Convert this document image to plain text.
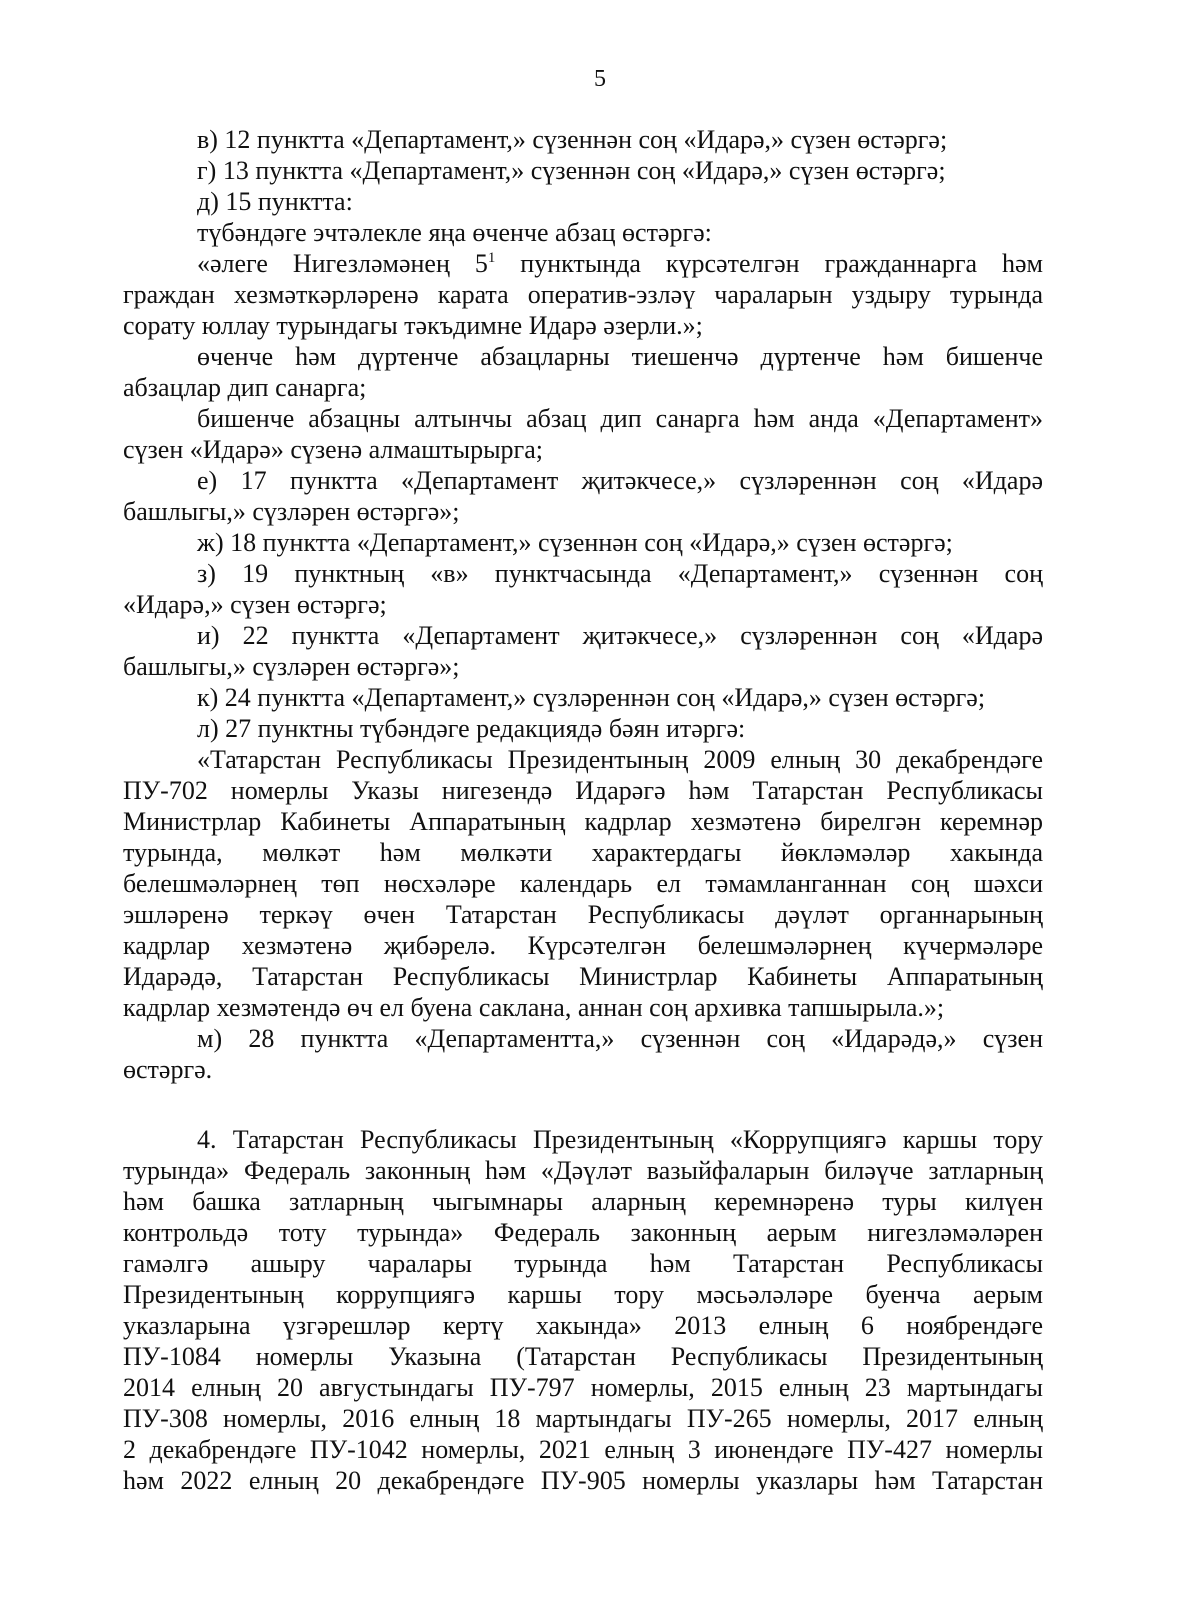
5
в) 12 пунктта «Департамент,» сүзеннән соң «Идарә,» сүзен өстәргә;
г) 13 пунктта «Департамент,» сүзеннән соң «Идарә,» сүзен өстәргә;
д) 15 пунктта:
түбәндәге эчтәлекле яңа өченче абзац өстәргә:
«әлеге Нигезләмәнең $5^1$ пунктында күрсәтелгән гражданнарга һәм
граждан хезмәткәрләренә карата оператив-эзләү чараларын уздыру турында
сорату юллау турындагы тәкъдимне Идарә әзерли.»;
өченче һәм дүртенче абзацларны тиешенчә дүртенче һәм бишенче
абзацлар дип санарга;
бишенче абзацны алтынчы абзац дип санарга һәм анда «Департамент»
сүзен «Идарә» сүзенә алмаштырырга;
е) 17 пунктта «Департамент җитәкчесе,» сүзләреннән соң «Идарә
башлыгы,» сүзләрен өстәргә»;
ж) 18 пунктта «Департамент,» сүзеннән соң «Идарә,» сүзен өстәргә;
з) 19 пунктның «в» пунктчасында «Департамент,» сүзеннән соң
«Идарә,» сүзен өстәргә;
и) 22 пунктта «Департамент җитәкчесе,» сүзләреннән соң «Идарә
башлыгы,» сүзләрен өстәргә»;
к) 24 пунктта «Департамент,» сүзләреннән соң «Идарә,» сүзен өстәргә;
л) 27 пунктны түбәндәге редакциядә бәян итәргә:
«Татарстан Республикасы Президентының 2009 елның 30 декабрендәге
ПУ-702 номерлы Указы нигезендә Идарәгә һәм Татарстан Республикасы
Министрлар Кабинеты Аппаратының кадрлар хезмәтенә бирелгән керемнәр
турында, мөлкәт һәм мөлкәти характердагы йөкләмәләр хакында
белешмәләрнең төп нөсхәләре календарь ел тәмамланганнан соң шәхси
эшләренә теркәү өчен Татарстан Республикасы дәүләт органнарының
кадрлар хезмәтенә җибәрелә. Күрсәтелгән белешмәләрнең күчермәләре
Идарәдә, Татарстан Республикасы Министрлар Кабинеты Аппаратының
кадрлар хезмәтендә өч ел буена саклана, аннан соң архивка тапшырыла.»;
м) 28 пунктта «Департаментта,» сүзеннән соң «Идарәдә,» сүзен
өстәргә.
4. Татарстан Республикасы Президентының «Коррупциягә каршы тору
турында» Федераль законның һәм «Дәүләт вазыйфаларын биләүче затларның
һәм башка затларның чыгымнары аларның керемнәренә туры килүен
контрольдә тоту турында» Федераль законның аерым нигезләмәләрен
гамәлгә ашыру чаралары турында һәм Татарстан Республикасы
Президентының коррупциягә каршы тору мәсьәләләре буенча аерым
указларына үзгәрешләр кертү хакында» 2013 елның 6 ноябрендәге
ПУ-1084 номерлы Указына (Татарстан Республикасы Президентының
2014 елның 20 августындагы ПУ-797 номерлы, 2015 елның 23 мартындагы
ПУ-308 номерлы, 2016 елның 18 мартындагы ПУ-265 номерлы, 2017 елның
2 декабрендәге ПУ-1042 номерлы, 2021 елның 3 июнендәге ПУ-427 номерлы
һәм 2022 елның 20 декабрендәге ПУ-905 номерлы указлары һәм Татарстан
